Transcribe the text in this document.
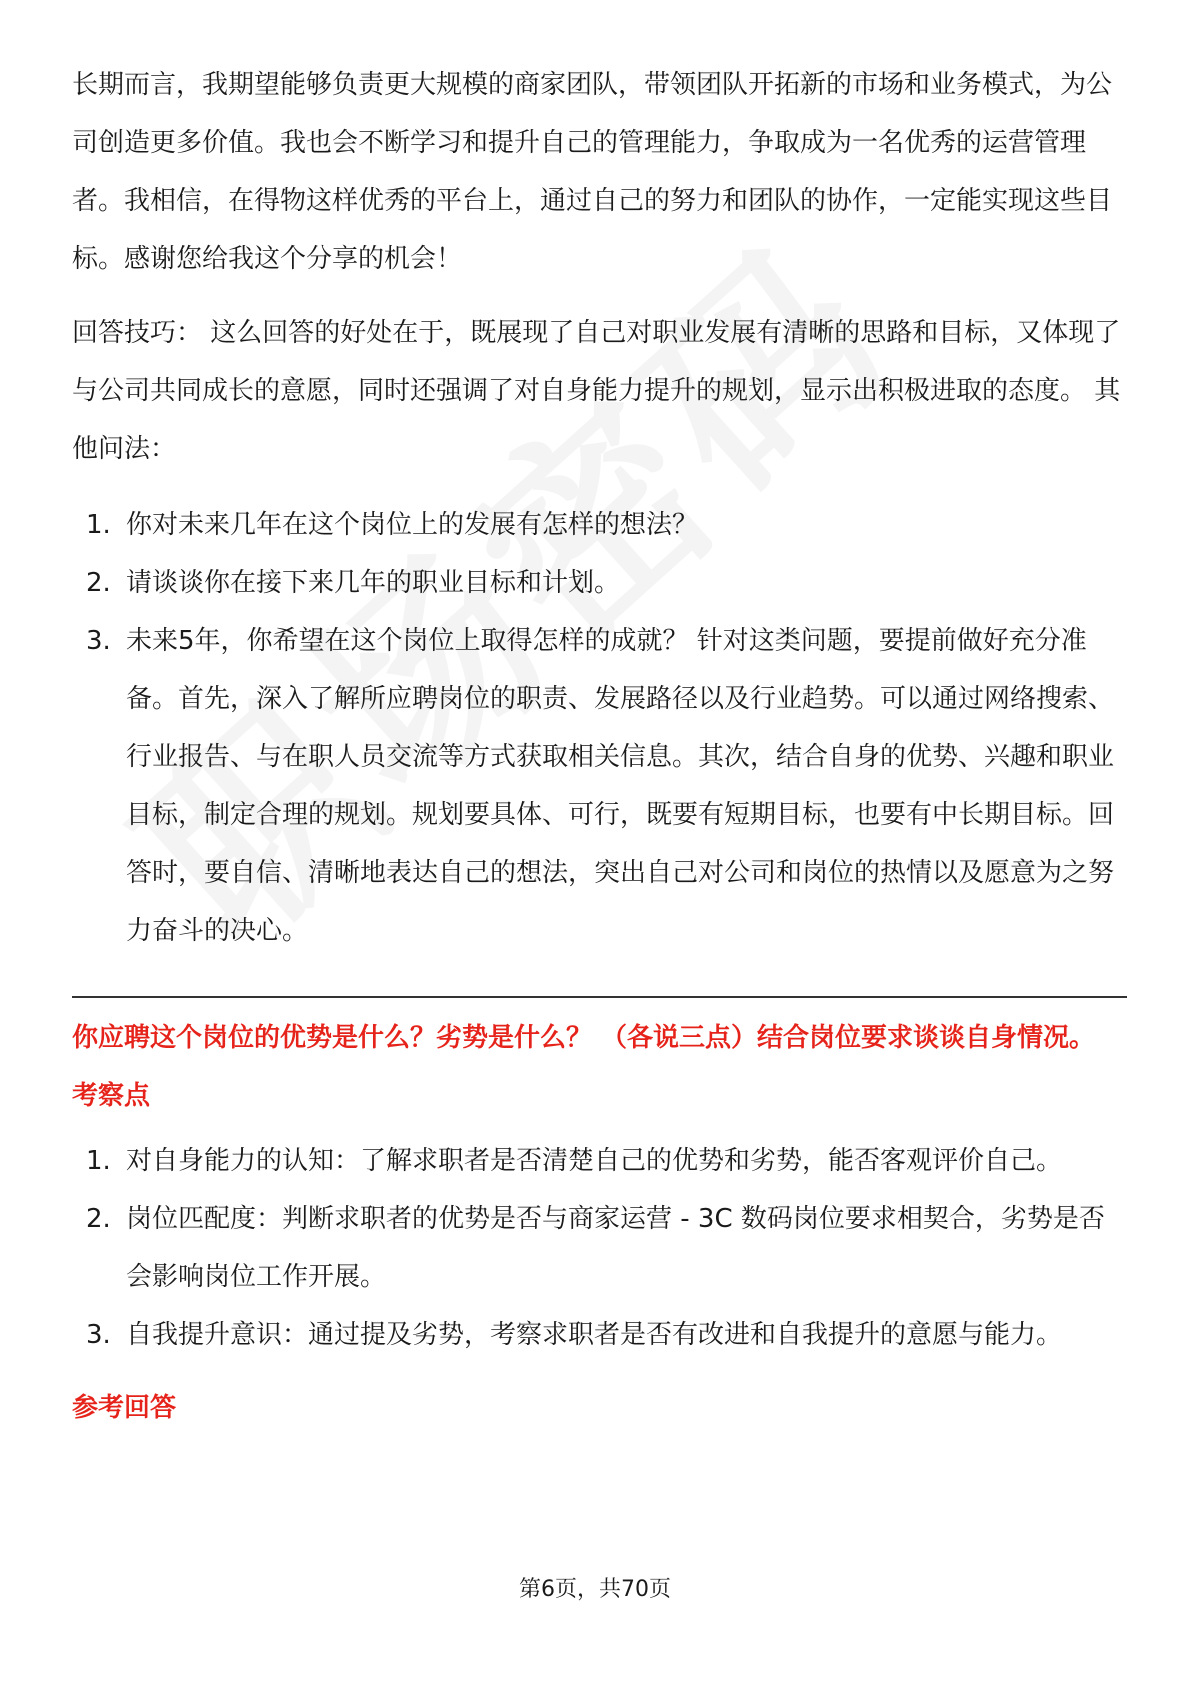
长期而言，我期望能够负责更大规模的商家团队，带领团队开拓新的市场和业务模式，为公司创造更多价值。我也会不断学习和提升自己的管理能力，争取成为一名优秀的运营管理者。我相信，在得物这样优秀的平台上，通过自己的努力和团队的协作，一定能实现这些目标。感谢您给我这个分享的机会！

回答技巧： 这么回答的好处在于，既展现了自己对职业发展有清晰的思路和目标，又体现了与公司共同成长的意愿，同时还强调了对自身能力提升的规划，显示出积极进取的态度。 其他问法：

1. 你对未来几年在这个岗位上的发展有怎样的想法？
2. 请谈谈你在接下来几年的职业目标和计划。
3. 未来5年，你希望在这个岗位上取得怎样的成就？ 针对这类问题，要提前做好充分准备。首先，深入了解所应聘岗位的职责、发展路径以及行业趋势。可以通过网络搜索、行业报告、与在职人员交流等方式获取相关信息。其次，结合自身的优势、兴趣和职业目标，制定合理的规划。规划要具体、可行，既要有短期目标，也要有中长期目标。回答时，要自信、清晰地表达自己的想法，突出自己对公司和岗位的热情以及愿意为之努力奋斗的决心。

你应聘这个岗位的优势是什么？劣势是什么？ （各说三点）结合岗位要求谈谈自身情况。

考察点

1. 对自身能力的认知：了解求职者是否清楚自己的优势和劣势，能否客观评价自己。
2. 岗位匹配度：判断求职者的优势是否与商家运营 - 3C 数码岗位要求相契合，劣势是否会影响岗位工作开展。
3. 自我提升意识：通过提及劣势，考察求职者是否有改进和自我提升的意愿与能力。

参考回答

第6页，共70页
